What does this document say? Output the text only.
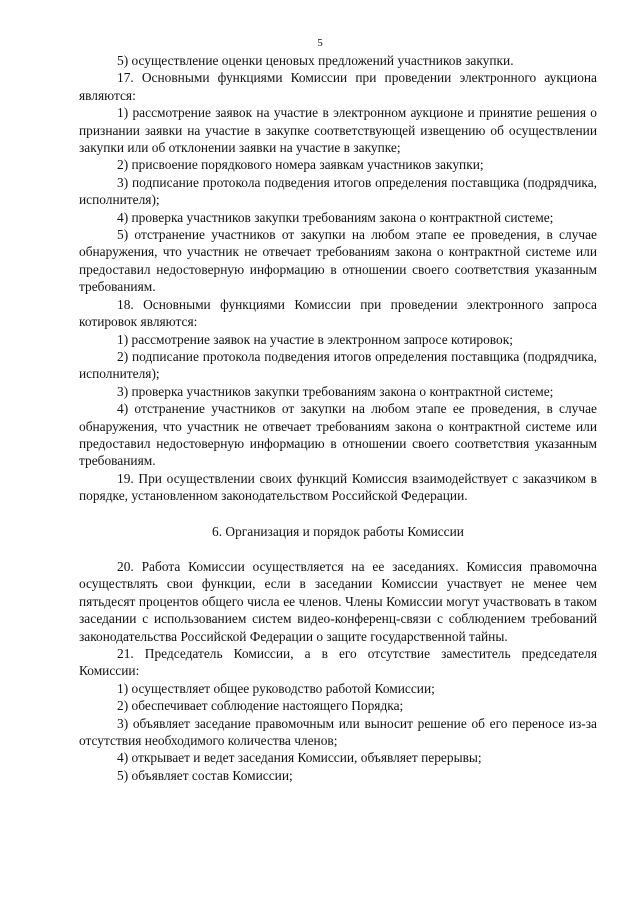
5

5) осуществление оценки ценовых предложений участников закупки.

17. Основными функциями Комиссии при проведении электронного аукциона являются:

1) рассмотрение заявок на участие в электронном аукционе и принятие решения о признании заявки на участие в закупке соответствующей извещению об осуществлении закупки или об отклонении заявки на участие в закупке;

2) присвоение порядкового номера заявкам участников закупки;

3) подписание протокола подведения итогов определения поставщика (подрядчика, исполнителя);

4) проверка участников закупки требованиям закона о контрактной системе;

5) отстранение участников от закупки на любом этапе ее проведения, в случае обнаружения, что участник не отвечает требованиям закона о контрактной системе или предоставил недостоверную информацию в отношении своего соответствия указанным требованиям.

18. Основными функциями Комиссии при проведении электронного запроса котировок являются:

1) рассмотрение заявок на участие в электронном запросе котировок;

2) подписание протокола подведения итогов определения поставщика (подрядчика, исполнителя);

3) проверка участников закупки требованиям закона о контрактной системе;

4) отстранение участников от закупки на любом этапе ее проведения, в случае обнаружения, что участник не отвечает требованиям закона о контрактной системе или предоставил недостоверную информацию в отношении своего соответствия указанным требованиям.

19. При осуществлении своих функций Комиссия взаимодействует с заказчиком в порядке, установленном законодательством Российской Федерации.

6. Организация и порядок работы Комиссии

20. Работа Комиссии осуществляется на ее заседаниях. Комиссия правомочна осуществлять свои функции, если в заседании Комиссии участвует не менее чем пятьдесят процентов общего числа ее членов. Члены Комиссии могут участвовать в таком заседании с использованием систем видео-конференц-связи с соблюдением требований законодательства Российской Федерации о защите государственной тайны.

21. Председатель Комиссии, а в его отсутствие заместитель председателя Комиссии:

1) осуществляет общее руководство работой Комиссии;

2) обеспечивает соблюдение настоящего Порядка;

3) объявляет заседание правомочным или выносит решение об его переносе из-за отсутствия необходимого количества членов;

4) открывает и ведет заседания Комиссии, объявляет перерывы;

5) объявляет состав Комиссии;
